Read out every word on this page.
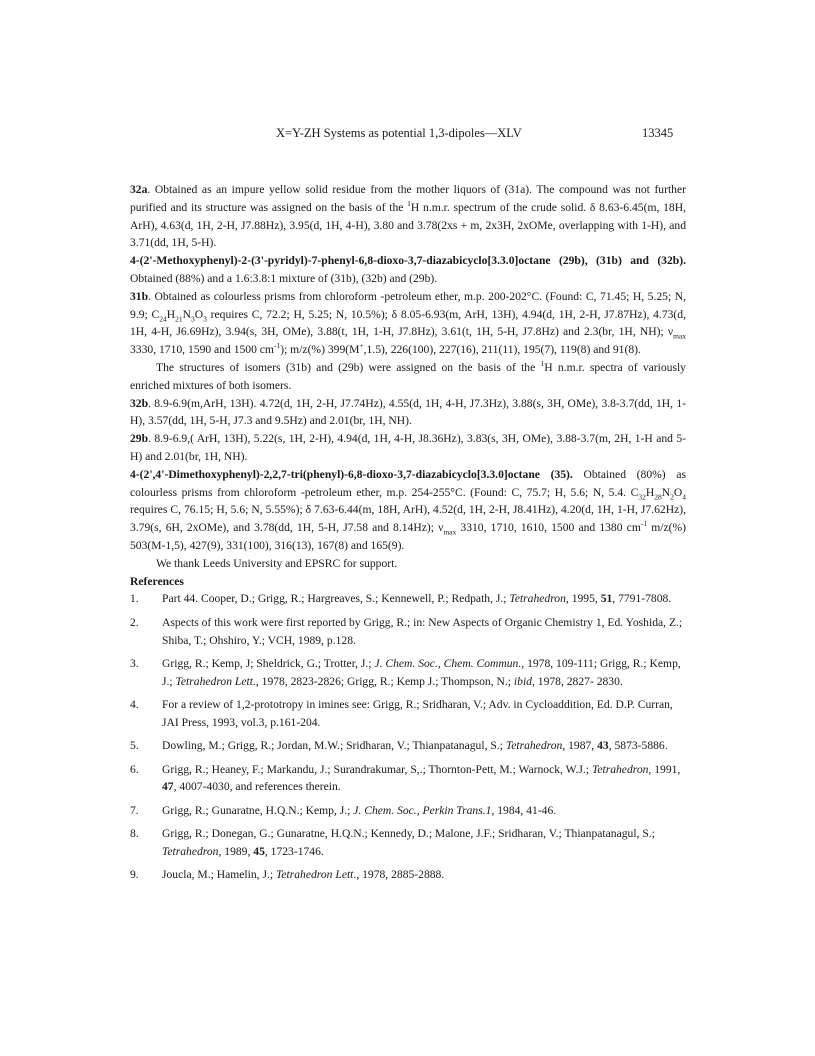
X=Y-ZH Systems as potential 1,3-dipoles—XLV	13345

32a. Obtained as an impure yellow solid residue from the mother liquors of (31a). The compound was not further purified and its structure was assigned on the basis of the $^1$H n.m.r. spectrum of the crude solid. δ 8.63-6.45(m, 18H, ArH), 4.63(d, 1H, 2-H, J7.88Hz), 3.95(d, 1H, 4-H), 3.80 and 3.78(2xs + m, 2x3H, 2xOMe, overlapping with 1-H), and 3.71(dd, 1H, 5-H).

4-(2'-Methoxyphenyl)-2-(3'-pyridyl)-7-phenyl-6,8-dioxo-3,7-diazabicyclo[3.3.0]octane (29b), (31b) and (32b). Obtained (88%) and a 1.6:3.8:1 mixture of (31b), (32b) and (29b).

31b. Obtained as colourless prisms from chloroform -petroleum ether, m.p. 200-202°C. (Found: C, 71.45; H, 5.25; N, 9.9; $C_{24}H_{21}N_3O_3$ requires C, 72.2; H, 5.25; N, 10.5%); δ 8.05-6.93(m, ArH, 13H), 4.94(d, 1H, 2-H, J7.87Hz), 4.73(d, 1H, 4-H, J6.69Hz), 3.94(s, 3H, OMe), 3.88(t, 1H, 1-H, J7.8Hz), 3.61(t, 1H, 5-H, J7.8Hz) and 2.3(br, 1H, NH); $\nu_{max}$ 3330, 1710, 1590 and 1500 $cm^{-1}$); m/z(%) 399(M+,1.5), 226(100), 227(16), 211(11), 195(7), 119(8) and 91(8).

The structures of isomers (31b) and (29b) were assigned on the basis of the $^1$H n.m.r. spectra of variously enriched mixtures of both isomers.

32b. 8.9-6.9(m,ArH, 13H). 4.72(d, 1H, 2-H, J7.74Hz), 4.55(d, 1H, 4-H, J7.3Hz), 3.88(s, 3H, OMe), 3.8-3.7(dd, 1H, 1-H), 3.57(dd, 1H, 5-H, J7.3 and 9.5Hz) and 2.01(br, 1H, NH).

29b. 8.9-6.9,( ArH, 13H), 5.22(s, 1H, 2-H), 4.94(d, 1H, 4-H, J8.36Hz), 3.83(s, 3H, OMe), 3.88-3.7(m, 2H, 1-H and 5-H) and 2.01(br, 1H, NH).

4-(2',4'-Dimethoxyphenyl)-2,2,7-tri(phenyl)-6,8-dioxo-3,7-diazabicyclo[3.3.0]octane (35). Obtained (80%) as colourless prisms from chloroform -petroleum ether, m.p. 254-255°C. (Found: C, 75.7; H, 5.6; N, 5.4. $C_{32}H_{28}N_2O_4$ requires C, 76.15; H, 5.6; N, 5.55%); δ 7.63-6.44(m, 18H, ArH), 4.52(d, 1H, 2-H, J8.41Hz), 4.20(d, 1H, 1-H, J7.62Hz), 3.79(s, 6H, 2xOMe), and 3.78(dd, 1H, 5-H, J7.58 and 8.14Hz); $\nu_{max}$ 3310, 1710, 1610, 1500 and 1380 $cm^{-1}$ m/z(%) 503(M-1,5), 427(9), 331(100), 316(13), 167(8) and 165(9).

We thank Leeds University and EPSRC for support.

References

1. Part 44. Cooper, D.; Grigg, R.; Hargreaves, S.; Kennewell, P.; Redpath, J.; Tetrahedron, 1995, 51, 7791-7808.
2. Aspects of this work were first reported by Grigg, R.; in: New Aspects of Organic Chemistry 1, Ed. Yoshida, Z.; Shiba, T.; Ohshiro, Y.; VCH, 1989, p.128.
3. Grigg, R.; Kemp, J; Sheldrick, G.; Trotter, J.; J. Chem. Soc., Chem. Commun., 1978, 109-111; Grigg, R.; Kemp, J.; Tetrahedron Lett., 1978, 2823-2826; Grigg, R.; Kemp J.; Thompson, N.; ibid, 1978, 2827- 2830.
4. For a review of 1,2-prototropy in imines see: Grigg, R.; Sridharan, V.; Adv. in Cycloaddition, Ed. D.P. Curran, JAI Press, 1993, vol.3, p.161-204.
5. Dowling, M.; Grigg, R.; Jordan, M.W.; Sridharan, V.; Thianpatanagul, S.; Tetrahedron, 1987, 43, 5873-5886.
6. Grigg, R.; Heaney, F.; Markandu, J.; Surandrakumar, S,.; Thornton-Pett, M.; Warnock, W.J.; Tetrahedron, 1991, 47, 4007-4030, and references therein.
7. Grigg, R.; Gunaratne, H.Q.N.; Kemp, J.; J. Chem. Soc., Perkin Trans.1, 1984, 41-46.
8. Grigg, R.; Donegan, G.; Gunaratne, H.Q.N.; Kennedy, D.; Malone, J.F.; Sridharan, V.; Thianpatanagul, S.; Tetrahedron, 1989, 45, 1723-1746.
9. Joucla, M.; Hamelin, J.; Tetrahedron Lett., 1978, 2885-2888.
